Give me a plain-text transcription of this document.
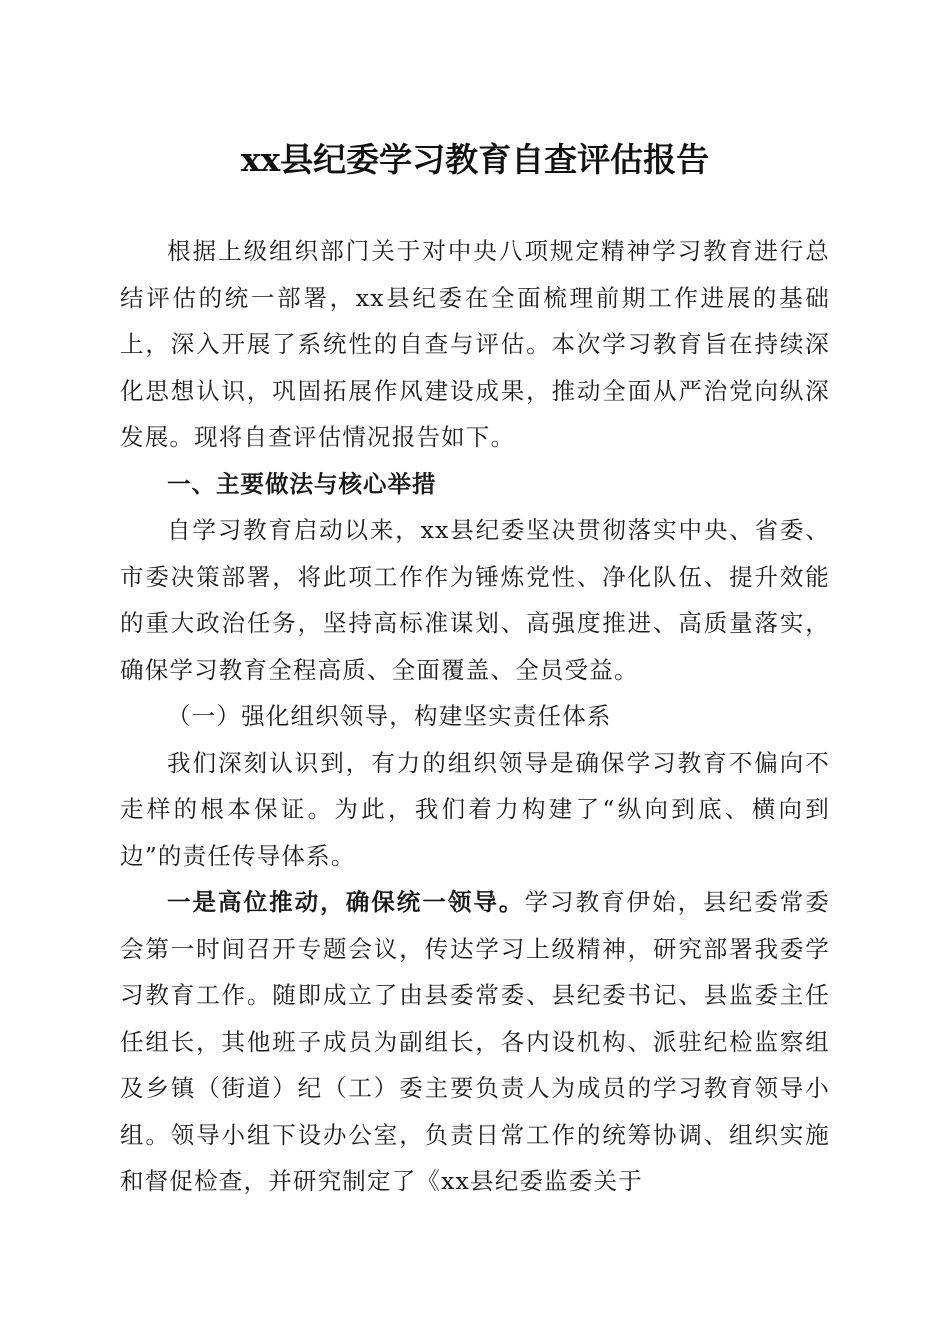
xx县纪委学习教育自查评估报告

根据上级组织部门关于对中央八项规定精神学习教育进行总结评估的统一部署，xx县纪委在全面梳理前期工作进展的基础上，深入开展了系统性的自查与评估。本次学习教育旨在持续深化思想认识，巩固拓展作风建设成果，推动全面从严治党向纵深发展。现将自查评估情况报告如下。

一、主要做法与核心举措

自学习教育启动以来，xx县纪委坚决贯彻落实中央、省委、市委决策部署，将此项工作作为锤炼党性、净化队伍、提升效能的重大政治任务，坚持高标准谋划、高强度推进、高质量落实，确保学习教育全程高质、全面覆盖、全员受益。

（一）强化组织领导，构建坚实责任体系

我们深刻认识到，有力的组织领导是确保学习教育不偏向不走样的根本保证。为此，我们着力构建了“纵向到底、横向到边”的责任传导体系。

一是高位推动，确保统一领导。学习教育伊始，县纪委常委会第一时间召开专题会议，传达学习上级精神，研究部署我委学习教育工作。随即成立了由县委常委、县纪委书记、县监委主任任组长，其他班子成员为副组长，各内设机构、派驻纪检监察组及乡镇（街道）纪（工）委主要负责人为成员的学习教育领导小组。领导小组下设办公室，负责日常工作的统筹协调、组织实施和督促检查，并研究制定了《xx县纪委监委关于
